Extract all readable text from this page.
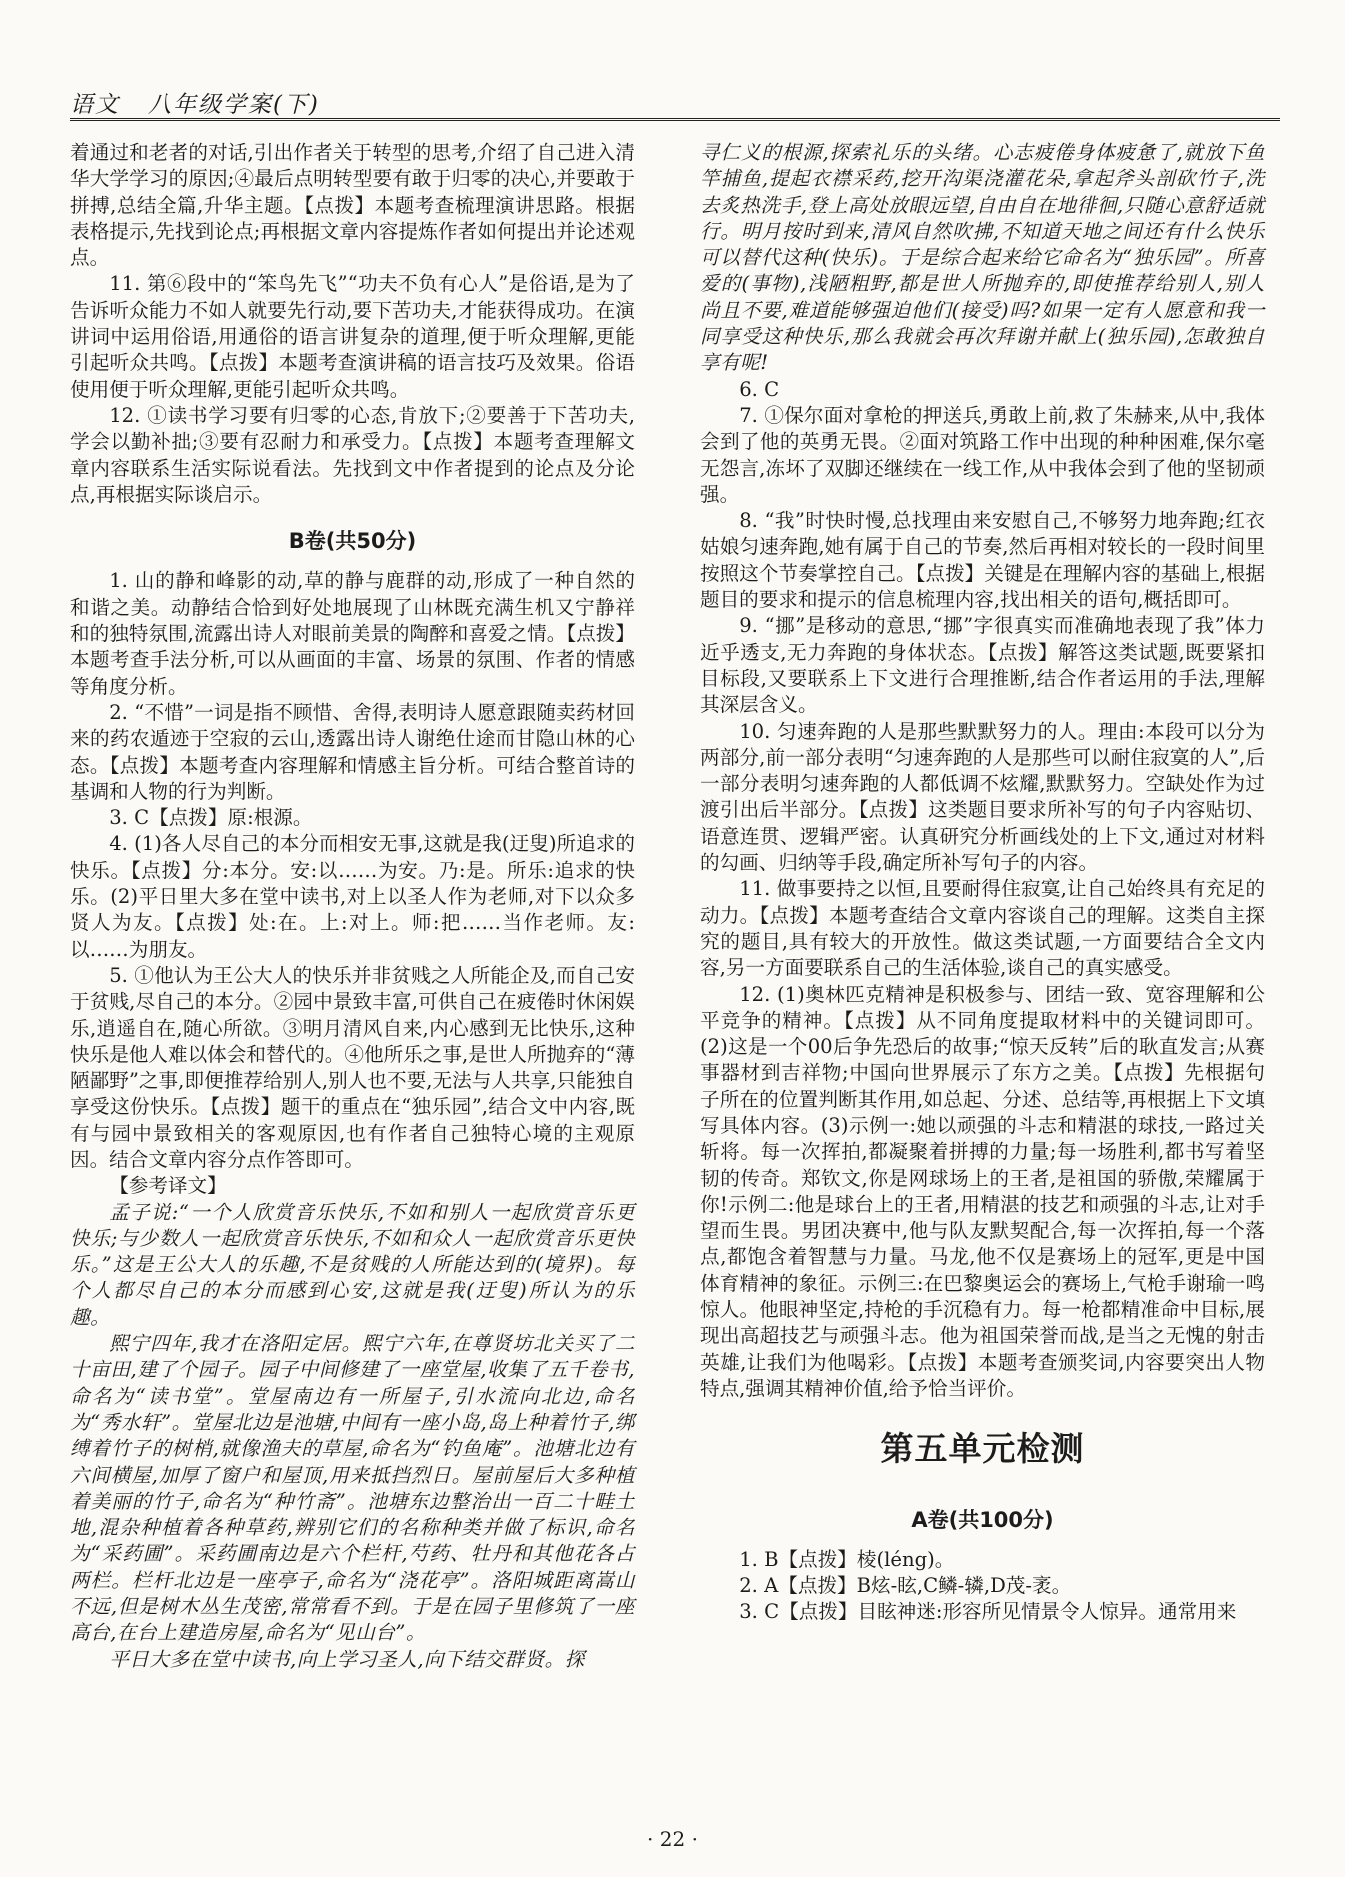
语文 八年级学案(下)

着通过和老者的对话,引出作者关于转型的思考,介绍了自己进入清华大学学习的原因;④最后点明转型要有敢于归零的决心,并要敢于拼搏,总结全篇,升华主题。【点拨】本题考查梳理演讲思路。根据表格提示,先找到论点;再根据文章内容提炼作者如何提出并论述观点。

11. 第⑥段中的“笨鸟先飞”“功夫不负有心人”是俗语,是为了告诉听众能力不如人就要先行动,要下苦功夫,才能获得成功。在演讲词中运用俗语,用通俗的语言讲复杂的道理,便于听众理解,更能引起听众共鸣。【点拨】本题考查演讲稿的语言技巧及效果。俗语使用便于听众理解,更能引起听众共鸣。

12. ①读书学习要有归零的心态,肯放下;②要善于下苦功夫,学会以勤补拙;③要有忍耐力和承受力。【点拨】本题考查理解文章内容联系生活实际说看法。先找到文中作者提到的论点及分论点,再根据实际谈启示。

B卷(共50分)

1. 山的静和峰影的动,草的静与鹿群的动,形成了一种自然的和谐之美。动静结合恰到好处地展现了山林既充满生机又宁静祥和的独特氛围,流露出诗人对眼前美景的陶醉和喜爱之情。【点拨】本题考查手法分析,可以从画面的丰富、场景的氛围、作者的情感等角度分析。

2. “不惜”一词是指不顾惜、舍得,表明诗人愿意跟随卖药材回来的药农遁迹于空寂的云山,透露出诗人谢绝仕途而甘隐山林的心态。【点拨】本题考查内容理解和情感主旨分析。可结合整首诗的基调和人物的行为判断。

3. C【点拨】原:根源。

4. (1)各人尽自己的本分而相安无事,这就是我(迂叟)所追求的快乐。【点拨】分:本分。安:以……为安。乃:是。所乐:追求的快乐。(2)平日里大多在堂中读书,对上以圣人作为老师,对下以众多贤人为友。【点拨】处:在。上:对上。师:把……当作老师。友:以……为朋友。

5. ①他认为王公大人的快乐并非贫贱之人所能企及,而自己安于贫贱,尽自己的本分。②园中景致丰富,可供自己在疲倦时休闲娱乐,逍遥自在,随心所欲。③明月清风自来,内心感到无比快乐,这种快乐是他人难以体会和替代的。④他所乐之事,是世人所抛弃的“薄陋鄙野”之事,即便推荐给别人,别人也不要,无法与人共享,只能独自享受这份快乐。【点拨】题干的重点在“独乐园”,结合文中内容,既有与园中景致相关的客观原因,也有作者自己独特心境的主观原因。结合文章内容分点作答即可。

【参考译文】

孟子说:“一个人欣赏音乐快乐,不如和别人一起欣赏音乐更快乐;与少数人一起欣赏音乐快乐,不如和众人一起欣赏音乐更快乐。”这是王公大人的乐趣,不是贫贱的人所能达到的(境界)。每个人都尽自己的本分而感到心安,这就是我(迂叟)所认为的乐趣。

熙宁四年,我才在洛阳定居。熙宁六年,在尊贤坊北关买了二十亩田,建了个园子。园子中间修建了一座堂屋,收集了五千卷书,命名为“读书堂”。堂屋南边有一所屋子,引水流向北边,命名为“秀水轩”。堂屋北边是池塘,中间有一座小岛,岛上种着竹子,绑缚着竹子的树梢,就像渔夫的草屋,命名为“钓鱼庵”。池塘北边有六间横屋,加厚了窗户和屋顶,用来抵挡烈日。屋前屋后大多种植着美丽的竹子,命名为“种竹斋”。池塘东边整治出一百二十畦土地,混杂种植着各种草药,辨别它们的名称种类并做了标识,命名为“采药圃”。采药圃南边是六个栏杆,芍药、牡丹和其他花各占两栏。栏杆北边是一座亭子,命名为“浇花亭”。洛阳城距离嵩山不远,但是树木丛生茂密,常常看不到。于是在园子里修筑了一座高台,在台上建造房屋,命名为“见山台”。

平日大多在堂中读书,向上学习圣人,向下结交群贤。探

寻仁义的根源,探索礼乐的头绪。心志疲倦身体疲惫了,就放下鱼竿捕鱼,提起衣襟采药,挖开沟渠浇灌花朵,拿起斧头剖砍竹子,洗去炙热洗手,登上高处放眼远望,自由自在地徘徊,只随心意舒适就行。明月按时到来,清风自然吹拂,不知道天地之间还有什么快乐可以替代这种(快乐)。于是综合起来给它命名为“独乐园”。所喜爱的(事物),浅陋粗野,都是世人所抛弃的,即使推荐给别人,别人尚且不要,难道能够强迫他们(接受)吗?如果一定有人愿意和我一同享受这种快乐,那么我就会再次拜谢并献上(独乐园),怎敢独自享有呢!

6. C

7. ①保尔面对拿枪的押送兵,勇敢上前,救了朱赫来,从中,我体会到了他的英勇无畏。②面对筑路工作中出现的种种困难,保尔毫无怨言,冻坏了双脚还继续在一线工作,从中我体会到了他的坚韧顽强。

8. “我”时快时慢,总找理由来安慰自己,不够努力地奔跑;红衣姑娘匀速奔跑,她有属于自己的节奏,然后再相对较长的一段时间里按照这个节奏掌控自己。【点拨】关键是在理解内容的基础上,根据题目的要求和提示的信息梳理内容,找出相关的语句,概括即可。

9. “挪”是移动的意思,“挪”字很真实而准确地表现了我”体力近乎透支,无力奔跑的身体状态。【点拨】解答这类试题,既要紧扣目标段,又要联系上下文进行合理推断,结合作者运用的手法,理解其深层含义。

10. 匀速奔跑的人是那些默默努力的人。理由:本段可以分为两部分,前一部分表明“匀速奔跑的人是那些可以耐住寂寞的人”,后一部分表明匀速奔跑的人都低调不炫耀,默默努力。空缺处作为过渡引出后半部分。【点拨】这类题目要求所补写的句子内容贴切、语意连贯、逻辑严密。认真研究分析画线处的上下文,通过对材料的勾画、归纳等手段,确定所补写句子的内容。

11. 做事要持之以恒,且要耐得住寂寞,让自己始终具有充足的动力。【点拨】本题考查结合文章内容谈自己的理解。这类自主探究的题目,具有较大的开放性。做这类试题,一方面要结合全文内容,另一方面要联系自己的生活体验,谈自己的真实感受。

12. (1)奥林匹克精神是积极参与、团结一致、宽容理解和公平竞争的精神。【点拨】从不同角度提取材料中的关键词即可。(2)这是一个00后争先恐后的故事;“惊天反转”后的耿直发言;从赛事器材到吉祥物;中国向世界展示了东方之美。【点拨】先根据句子所在的位置判断其作用,如总起、分述、总结等,再根据上下文填写具体内容。(3)示例一:她以顽强的斗志和精湛的球技,一路过关斩将。每一次挥拍,都凝聚着拼搏的力量;每一场胜利,都书写着坚韧的传奇。郑钦文,你是网球场上的王者,是祖国的骄傲,荣耀属于你!示例二:他是球台上的王者,用精湛的技艺和顽强的斗志,让对手望而生畏。男团决赛中,他与队友默契配合,每一次挥拍,每一个落点,都饱含着智慧与力量。马龙,他不仅是赛场上的冠军,更是中国体育精神的象征。示例三:在巴黎奥运会的赛场上,气枪手谢瑜一鸣惊人。他眼神坚定,持枪的手沉稳有力。每一枪都精准命中目标,展现出高超技艺与顽强斗志。他为祖国荣誉而战,是当之无愧的射击英雄,让我们为他喝彩。【点拨】本题考查颁奖词,内容要突出人物特点,强调其精神价值,给予恰当评价。

第五单元检测
A卷(共100分)

1. B【点拨】棱(léng)。

2. A【点拨】B炫-眩,C鳞-辚,D茂-袤。

3. C【点拨】目眩神迷:形容所见情景令人惊异。通常用来

· 22 ·
